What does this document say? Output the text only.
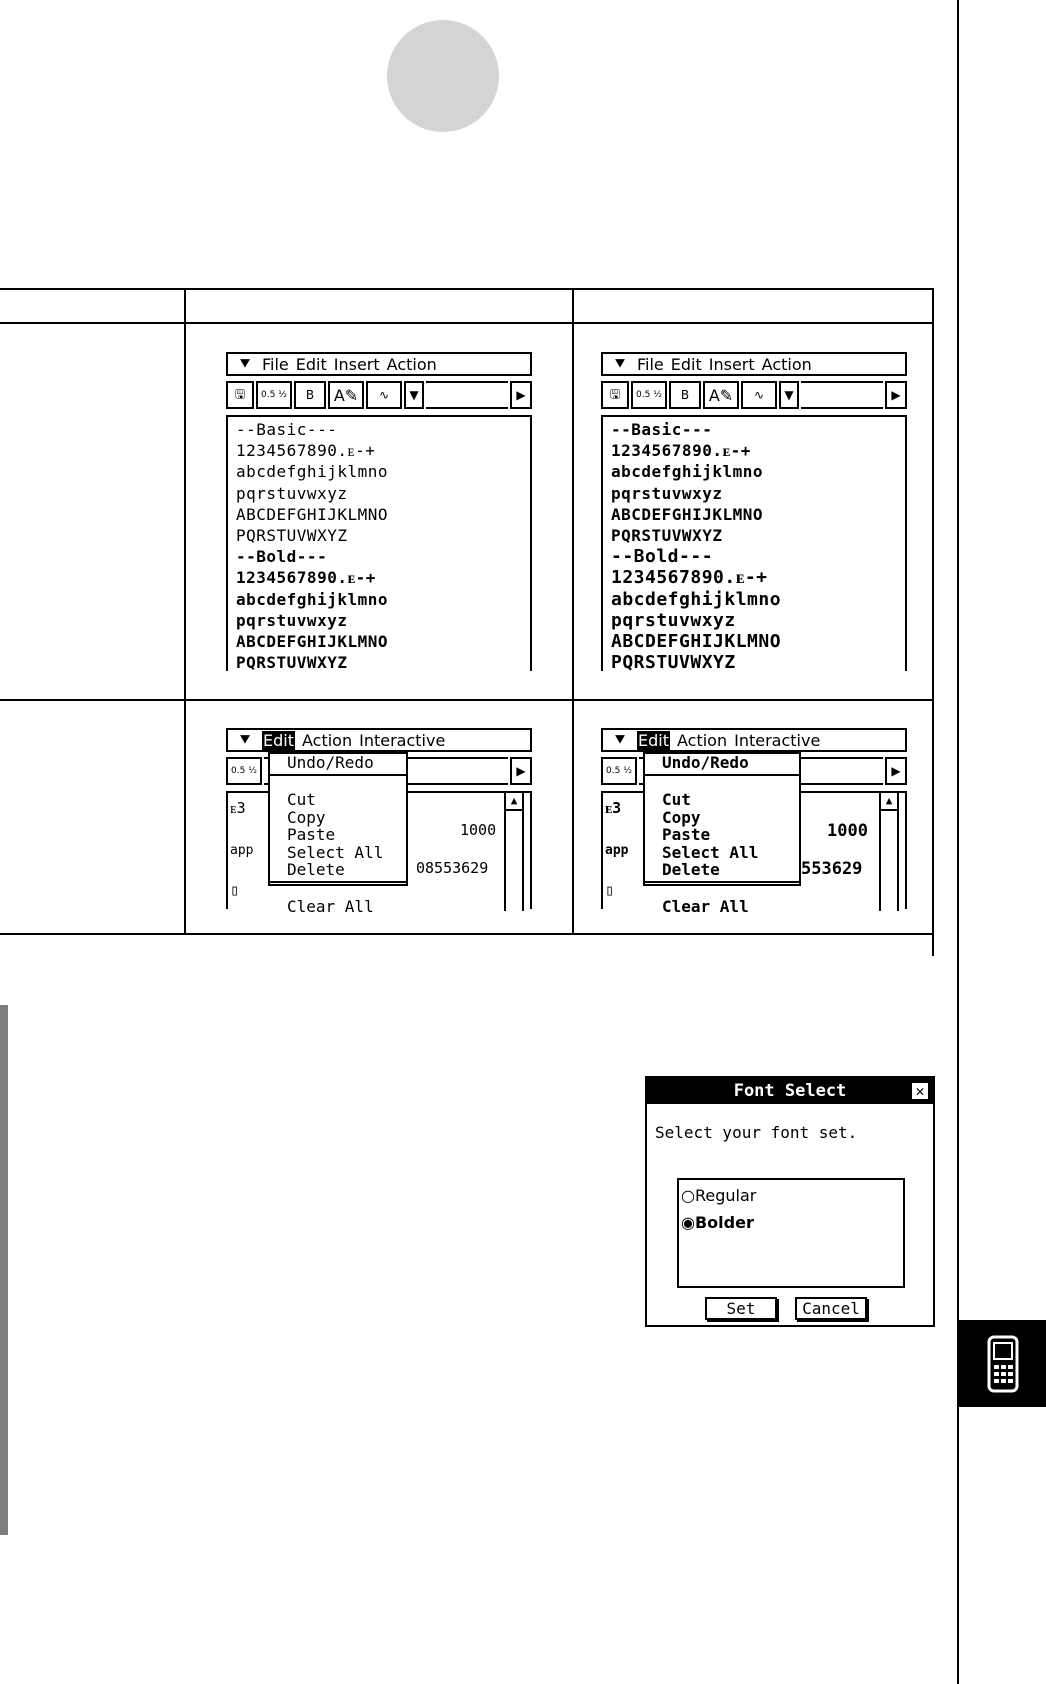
⯆ File Edit Insert Action
🖫	0.5 ½	B	A✎	∿	▼	▶
--Basic---
1234567890.ᴇ-+
abcdefghijklmno
pqrstuvwxyz
ABCDEFGHIJKLMNO
PQRSTUVWXYZ
--Bold---
1234567890.ᴇ-+
abcdefghijklmno
pqrstuvwxyz
ABCDEFGHIJKLMNO
PQRSTUVWXYZ
⯆ File Edit Insert Action
🖫	0.5 ½	B	A✎	∿	▼	▶
--Basic---
1234567890.ᴇ-+
abcdefghijklmno
pqrstuvwxyz
ABCDEFGHIJKLMNO
PQRSTUVWXYZ
--Bold---
1234567890.ᴇ-+
abcdefghijklmno
pqrstuvwxyz
ABCDEFGHIJKLMNO
PQRSTUVWXYZ
⯆ Edit Action Interactive
0.5 ½	▶
ᴇ3
1000
app
08553629
▯
▲
Undo/Redo
Cut
Copy
Paste
Select All
Delete
Clear All
⯆ Edit Action Interactive
0.5 ½	▶
ᴇ3
1000
app
553629
▯
▲
Undo/Redo
Cut
Copy
Paste
Select All
Delete
Clear All
Font Select	✕
Select your font set.
○Regular
◉Bolder
Set	Cancel
